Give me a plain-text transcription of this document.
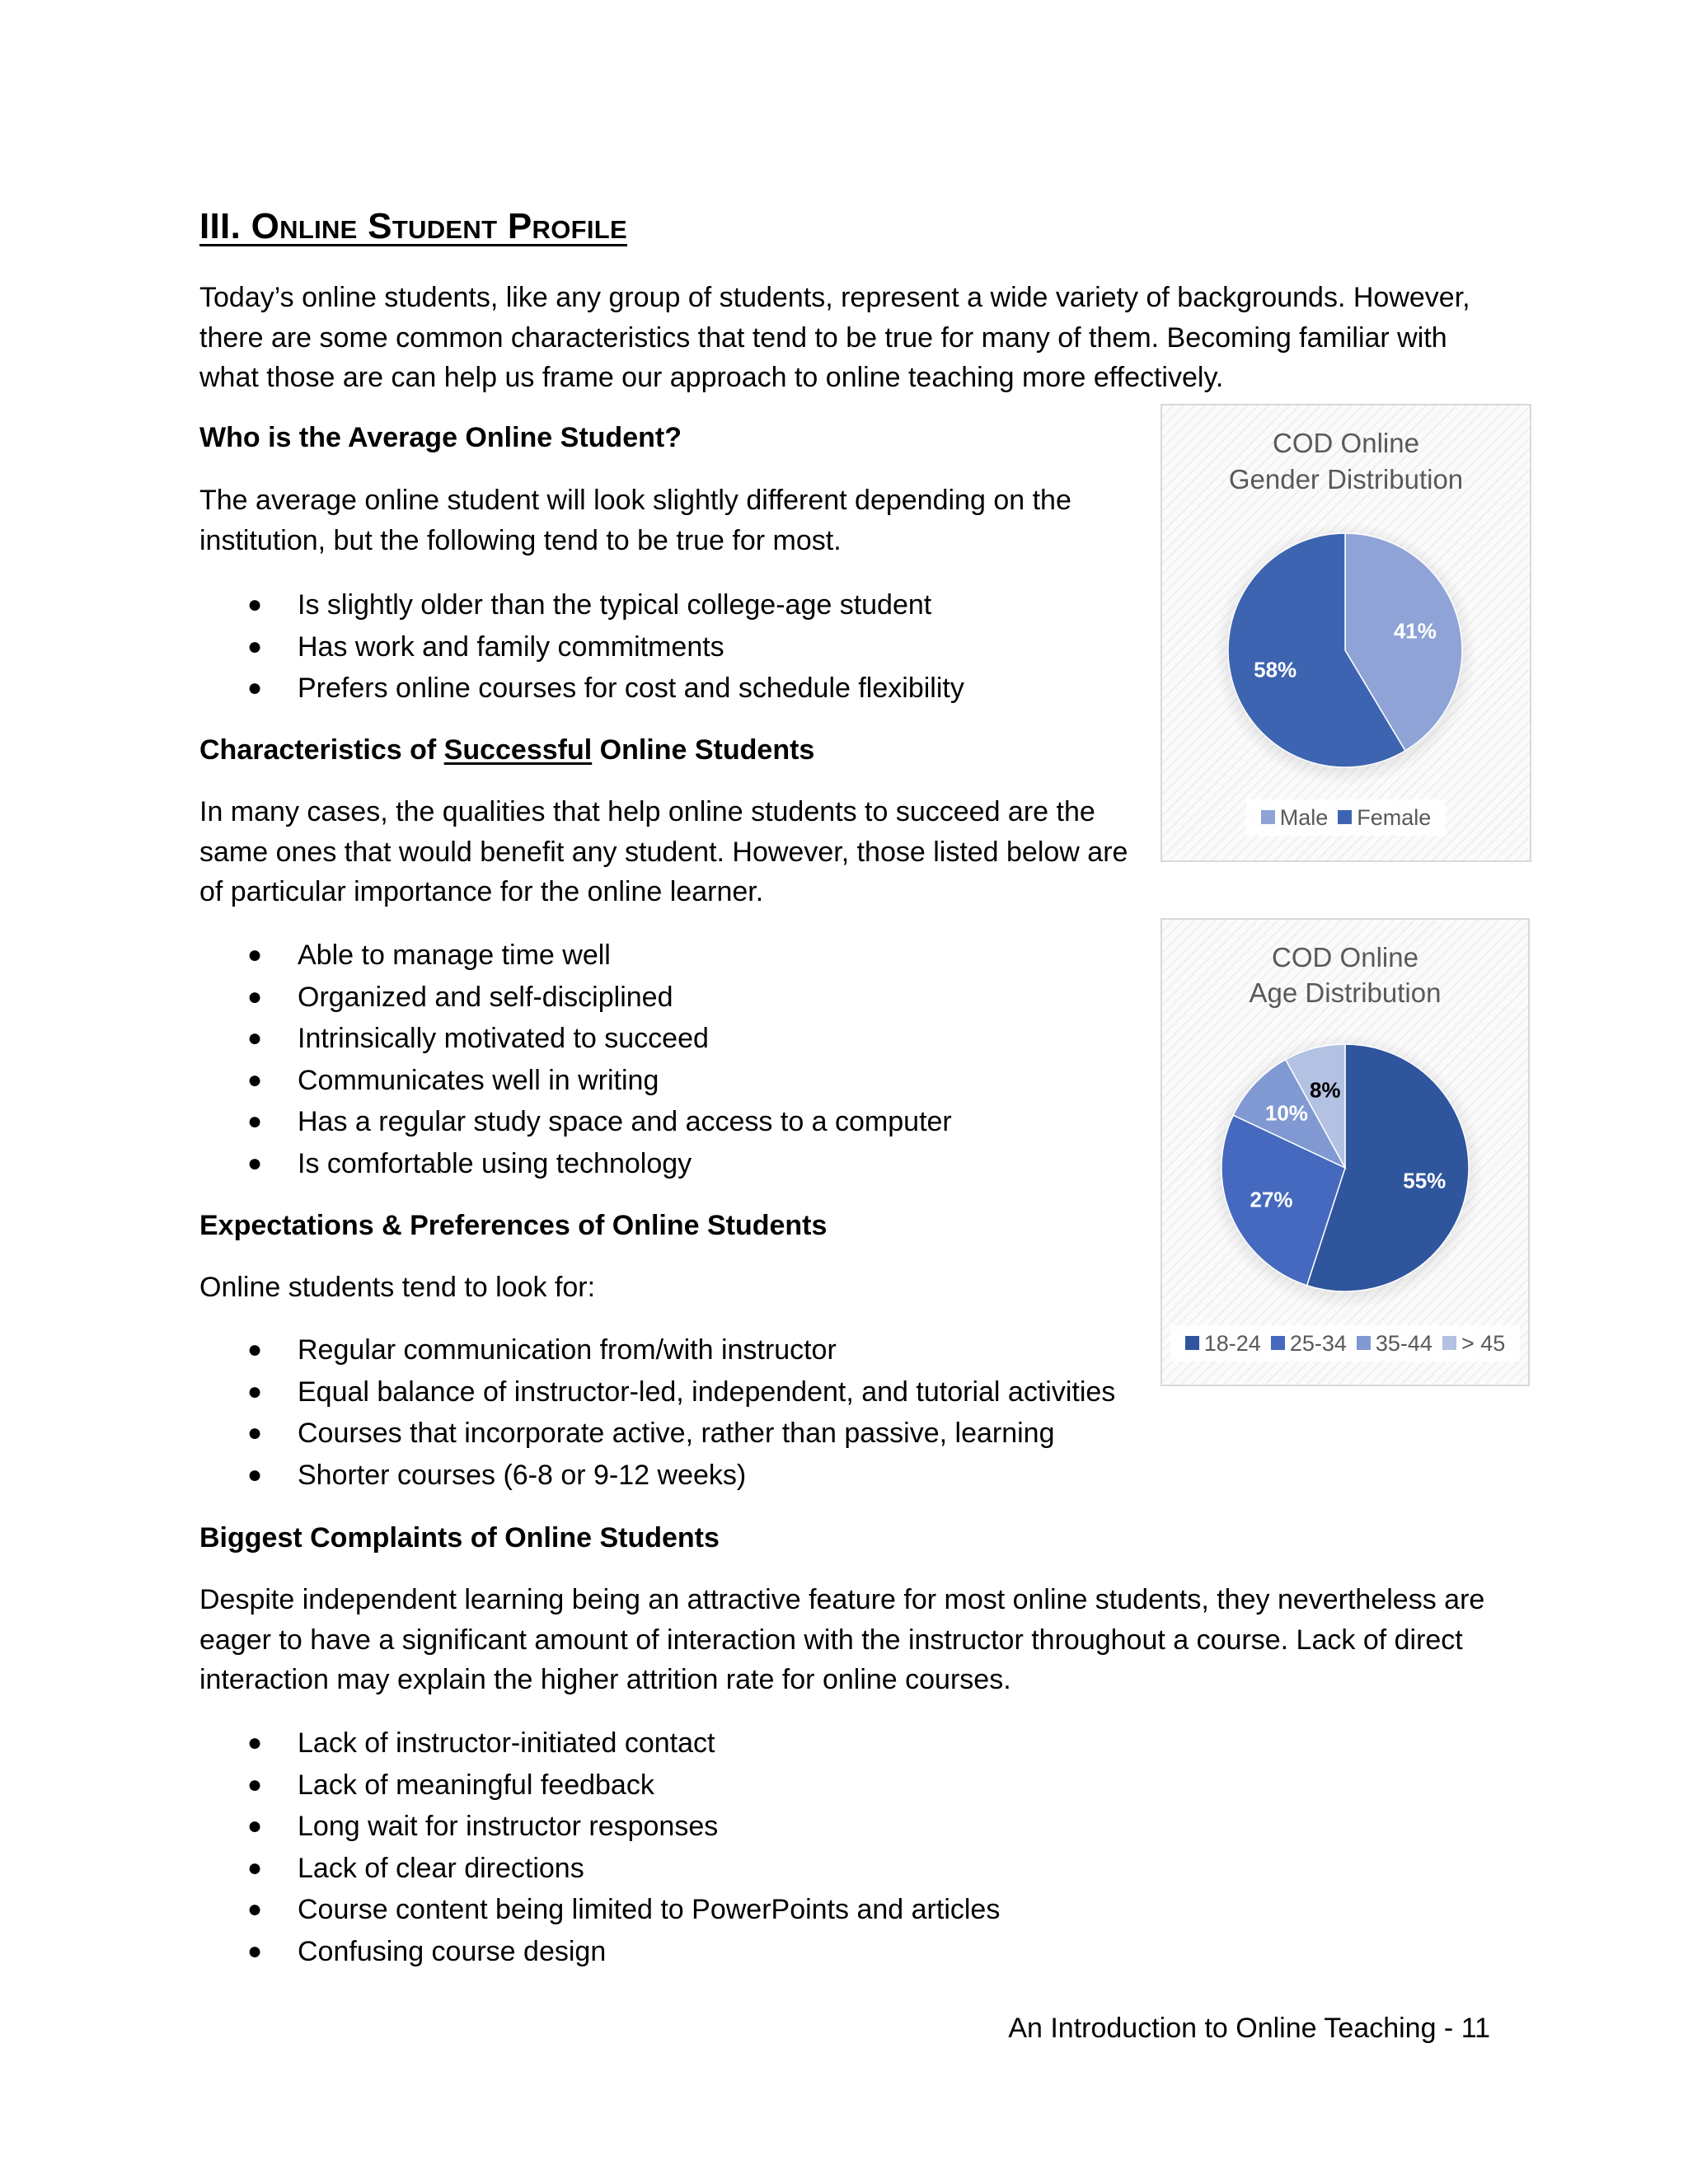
III. Online Student Profile

Today’s online students, like any group of students, represent a wide variety of backgrounds. However, there are some common characteristics that tend to be true for many of them. Becoming familiar with what those are can help us frame our approach to online teaching more effectively.

Who is the Average Online Student?

The average online student will look slightly different depending on the institution, but the following tend to be true for most.

● Is slightly older than the typical college-age student
● Has work and family commitments
● Prefers online courses for cost and schedule flexibility

Characteristics of Successful Online Students

In many cases, the qualities that help online students to succeed are the same ones that would benefit any student. However, those listed below are of particular importance for the online learner.

● Able to manage time well
● Organized and self-disciplined
● Intrinsically motivated to succeed
● Communicates well in writing
● Has a regular study space and access to a computer
● Is comfortable using technology

Expectations & Preferences of Online Students

Online students tend to look for:

● Regular communication from/with instructor
● Equal balance of instructor-led, independent, and tutorial activities
● Courses that incorporate active, rather than passive, learning
● Shorter courses (6-8 or 9-12 weeks)

Biggest Complaints of Online Students

Despite independent learning being an attractive feature for most online students, they nevertheless are eager to have a significant amount of interaction with the instructor throughout a course. Lack of direct interaction may explain the higher attrition rate for online courses.

● Lack of instructor-initiated contact
● Lack of meaningful feedback
● Long wait for instructor responses
● Lack of clear directions
● Course content being limited to PowerPoints and articles
● Confusing course design

COD Online

Gender Distribution

41%
58%
Male Female

COD Online

Age Distribution

55%
27%
10%
8%
18-24 25-34 35-44 > 45

An Introduction to Online Teaching - 11
